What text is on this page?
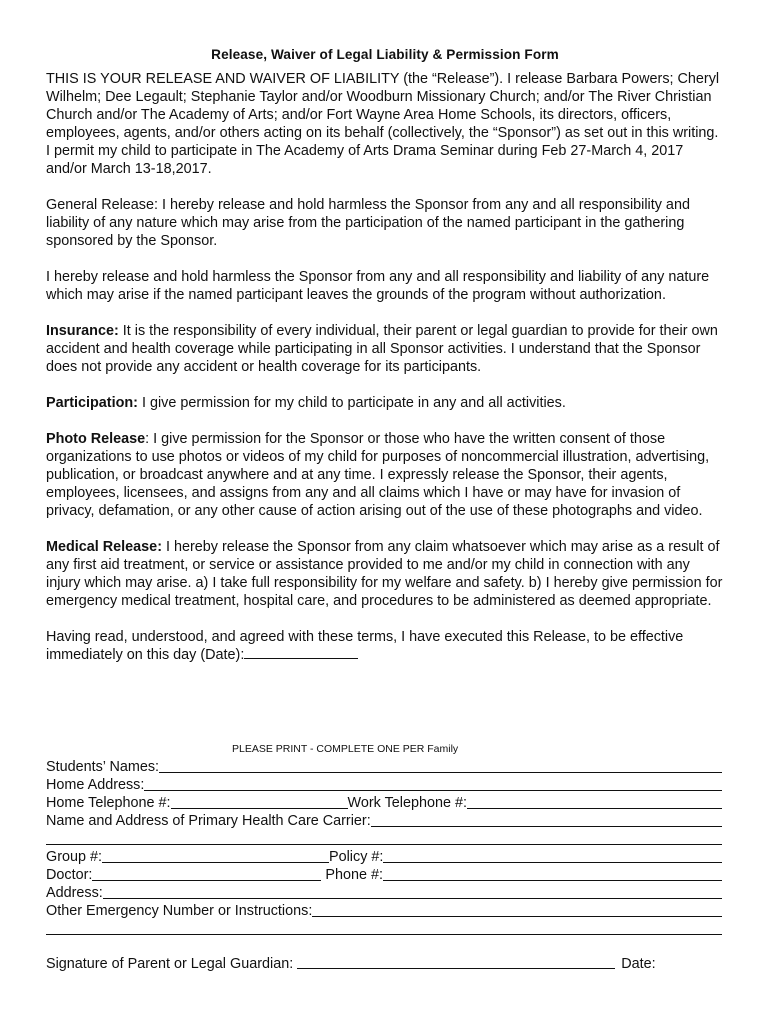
Release, Waiver of Legal Liability & Permission Form

THIS IS YOUR RELEASE AND WAIVER OF LIABILITY (the “Release”). I release Barbara Powers; Cheryl Wilhelm; Dee Legault; Stephanie Taylor and/or Woodburn Missionary Church; and/or The River Christian Church and/or The Academy of Arts; and/or Fort Wayne Area Home Schools, its directors, officers, employees, agents, and/or others acting on its behalf (collectively, the “Sponsor”) as set out in this writing.

I permit my child to participate in The Academy of Arts Drama Seminar during Feb 27-March 4, 2017 and/or March 13-18,2017.

General Release: I hereby release and hold harmless the Sponsor from any and all responsibility and liability of any nature which may arise from the participation of the named participant in the gathering sponsored by the Sponsor.

I hereby release and hold harmless the Sponsor from any and all responsibility and liability of any nature which may arise if the named participant leaves the grounds of the program without authorization.

Insurance: It is the responsibility of every individual, their parent or legal guardian to provide for their own accident and health coverage while participating in all Sponsor activities. I understand that the Sponsor does not provide any accident or health coverage for its participants.

Participation: I give permission for my child to participate in any and all activities.

Photo Release: I give permission for the Sponsor or those who have the written consent of those organizations to use photos or videos of my child for purposes of noncommercial illustration, advertising, publication, or broadcast anywhere and at any time. I expressly release the Sponsor, their agents, employees, licensees, and assigns from any and all claims which I have or may have for invasion of privacy, defamation, or any other cause of action arising out of the use of these photographs and video.

Medical Release: I hereby release the Sponsor from any claim whatsoever which may arise as a result of any first aid treatment, or service or assistance provided to me and/or my child in connection with any injury which may arise. a) I take full responsibility for my welfare and safety. b) I hereby give permission for emergency medical treatment, hospital care, and procedures to be administered as deemed appropriate.

Having read, understood, and agreed with these terms, I have executed this Release, to be effective immediately on this day (Date):

PLEASE PRINT - COMPLETE ONE PER Family
Students’ Names:
Home Address:
Home Telephone #:	Work Telephone #:
Name and Address of Primary Health Care Carrier:
Group #:	Policy #:
Doctor:	Phone #:
Address:
Other Emergency Number or Instructions:
Signature of Parent or Legal Guardian:	Date:
